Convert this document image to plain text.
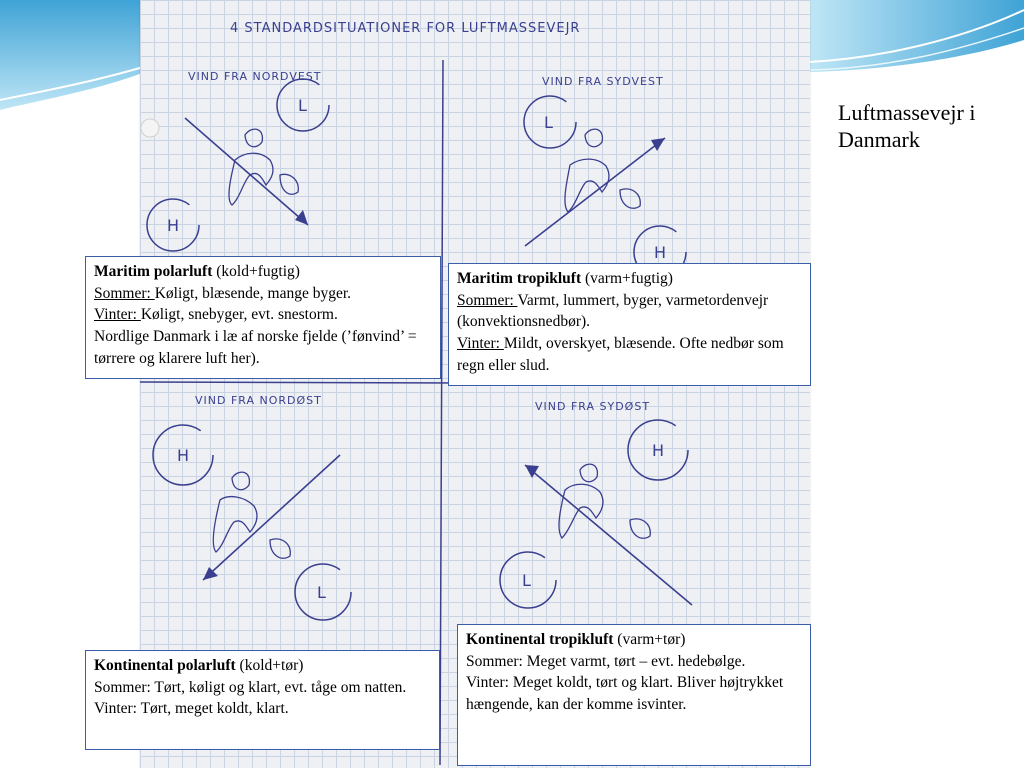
4 STANDARDSITUATIONER FOR LUFTMASSEVEJR
VIND FRA NORDVEST
L
H
VIND FRA SYDVEST
L
H
VIND FRA NORDØST
H
L
VIND FRA SYDØST
H
L
Luftmassevejr i Danmark

Maritim polarluft (kold+fugtig)

Sommer: Køligt, blæsende, mange byger.

Vinter: Køligt, snebyger, evt. snestorm.

Nordlige Danmark i læ af norske fjelde (’fønvind’ = tørrere og klarere luft her).

Maritim tropikluft (varm+fugtig)

Sommer: Varmt, lummert, byger, varmetordenvejr (konvektionsnedbør).

Vinter: Mildt, overskyet, blæsende. Ofte nedbør som regn eller slud.

Kontinental polarluft (kold+tør)

Sommer: Tørt, køligt og klart, evt. tåge om natten.

Vinter: Tørt, meget koldt, klart.

Kontinental tropikluft (varm+tør)

Sommer: Meget varmt, tørt – evt. hedebølge.

Vinter: Meget koldt, tørt og klart. Bliver højtrykket hængende, kan der komme isvinter.
